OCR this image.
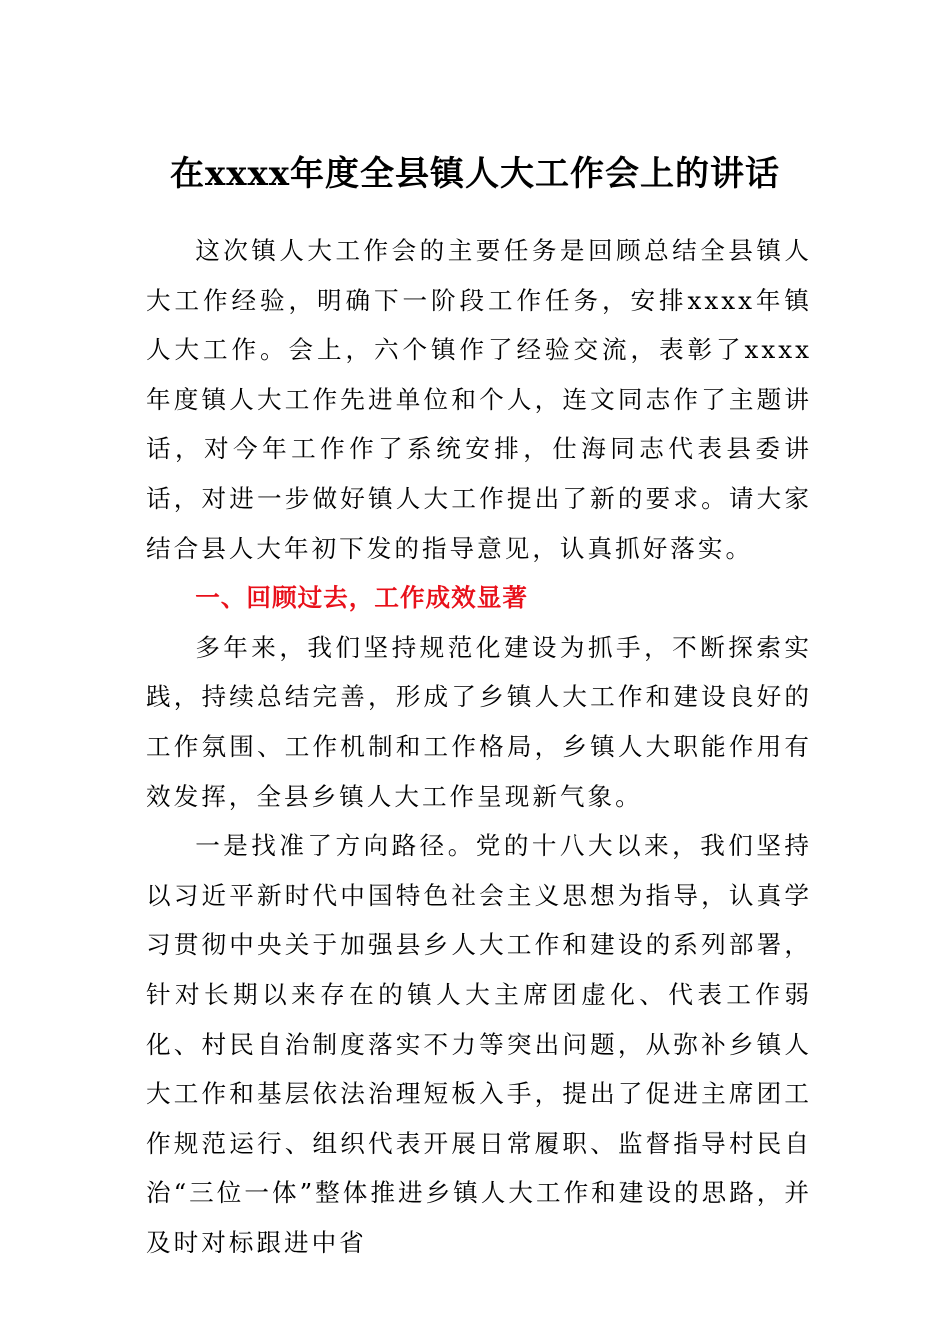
在xxxx年度全县镇人大工作会上的讲话

这次镇人大工作会的主要任务是回顾总结全县镇人大工作经验，明确下一阶段工作任务，安排xxxx年镇人大工作。会上，六个镇作了经验交流，表彰了xxxx年度镇人大工作先进单位和个人，连文同志作了主题讲话，对今年工作作了系统安排，仕海同志代表县委讲话，对进一步做好镇人大工作提出了新的要求。请大家结合县人大年初下发的指导意见，认真抓好落实。

一、回顾过去，工作成效显著

多年来，我们坚持规范化建设为抓手，不断探索实践，持续总结完善，形成了乡镇人大工作和建设良好的工作氛围、工作机制和工作格局，乡镇人大职能作用有效发挥，全县乡镇人大工作呈现新气象。

一是找准了方向路径。党的十八大以来，我们坚持以习近平新时代中国特色社会主义思想为指导，认真学习贯彻中央关于加强县乡人大工作和建设的系列部署，针对长期以来存在的镇人大主席团虚化、代表工作弱化、村民自治制度落实不力等突出问题，从弥补乡镇人大工作和基层依法治理短板入手，提出了促进主席团工作规范运行、组织代表开展日常履职、监督指导村民自治“三位一体”整体推进乡镇人大工作和建设的思路，并及时对标跟进中省
